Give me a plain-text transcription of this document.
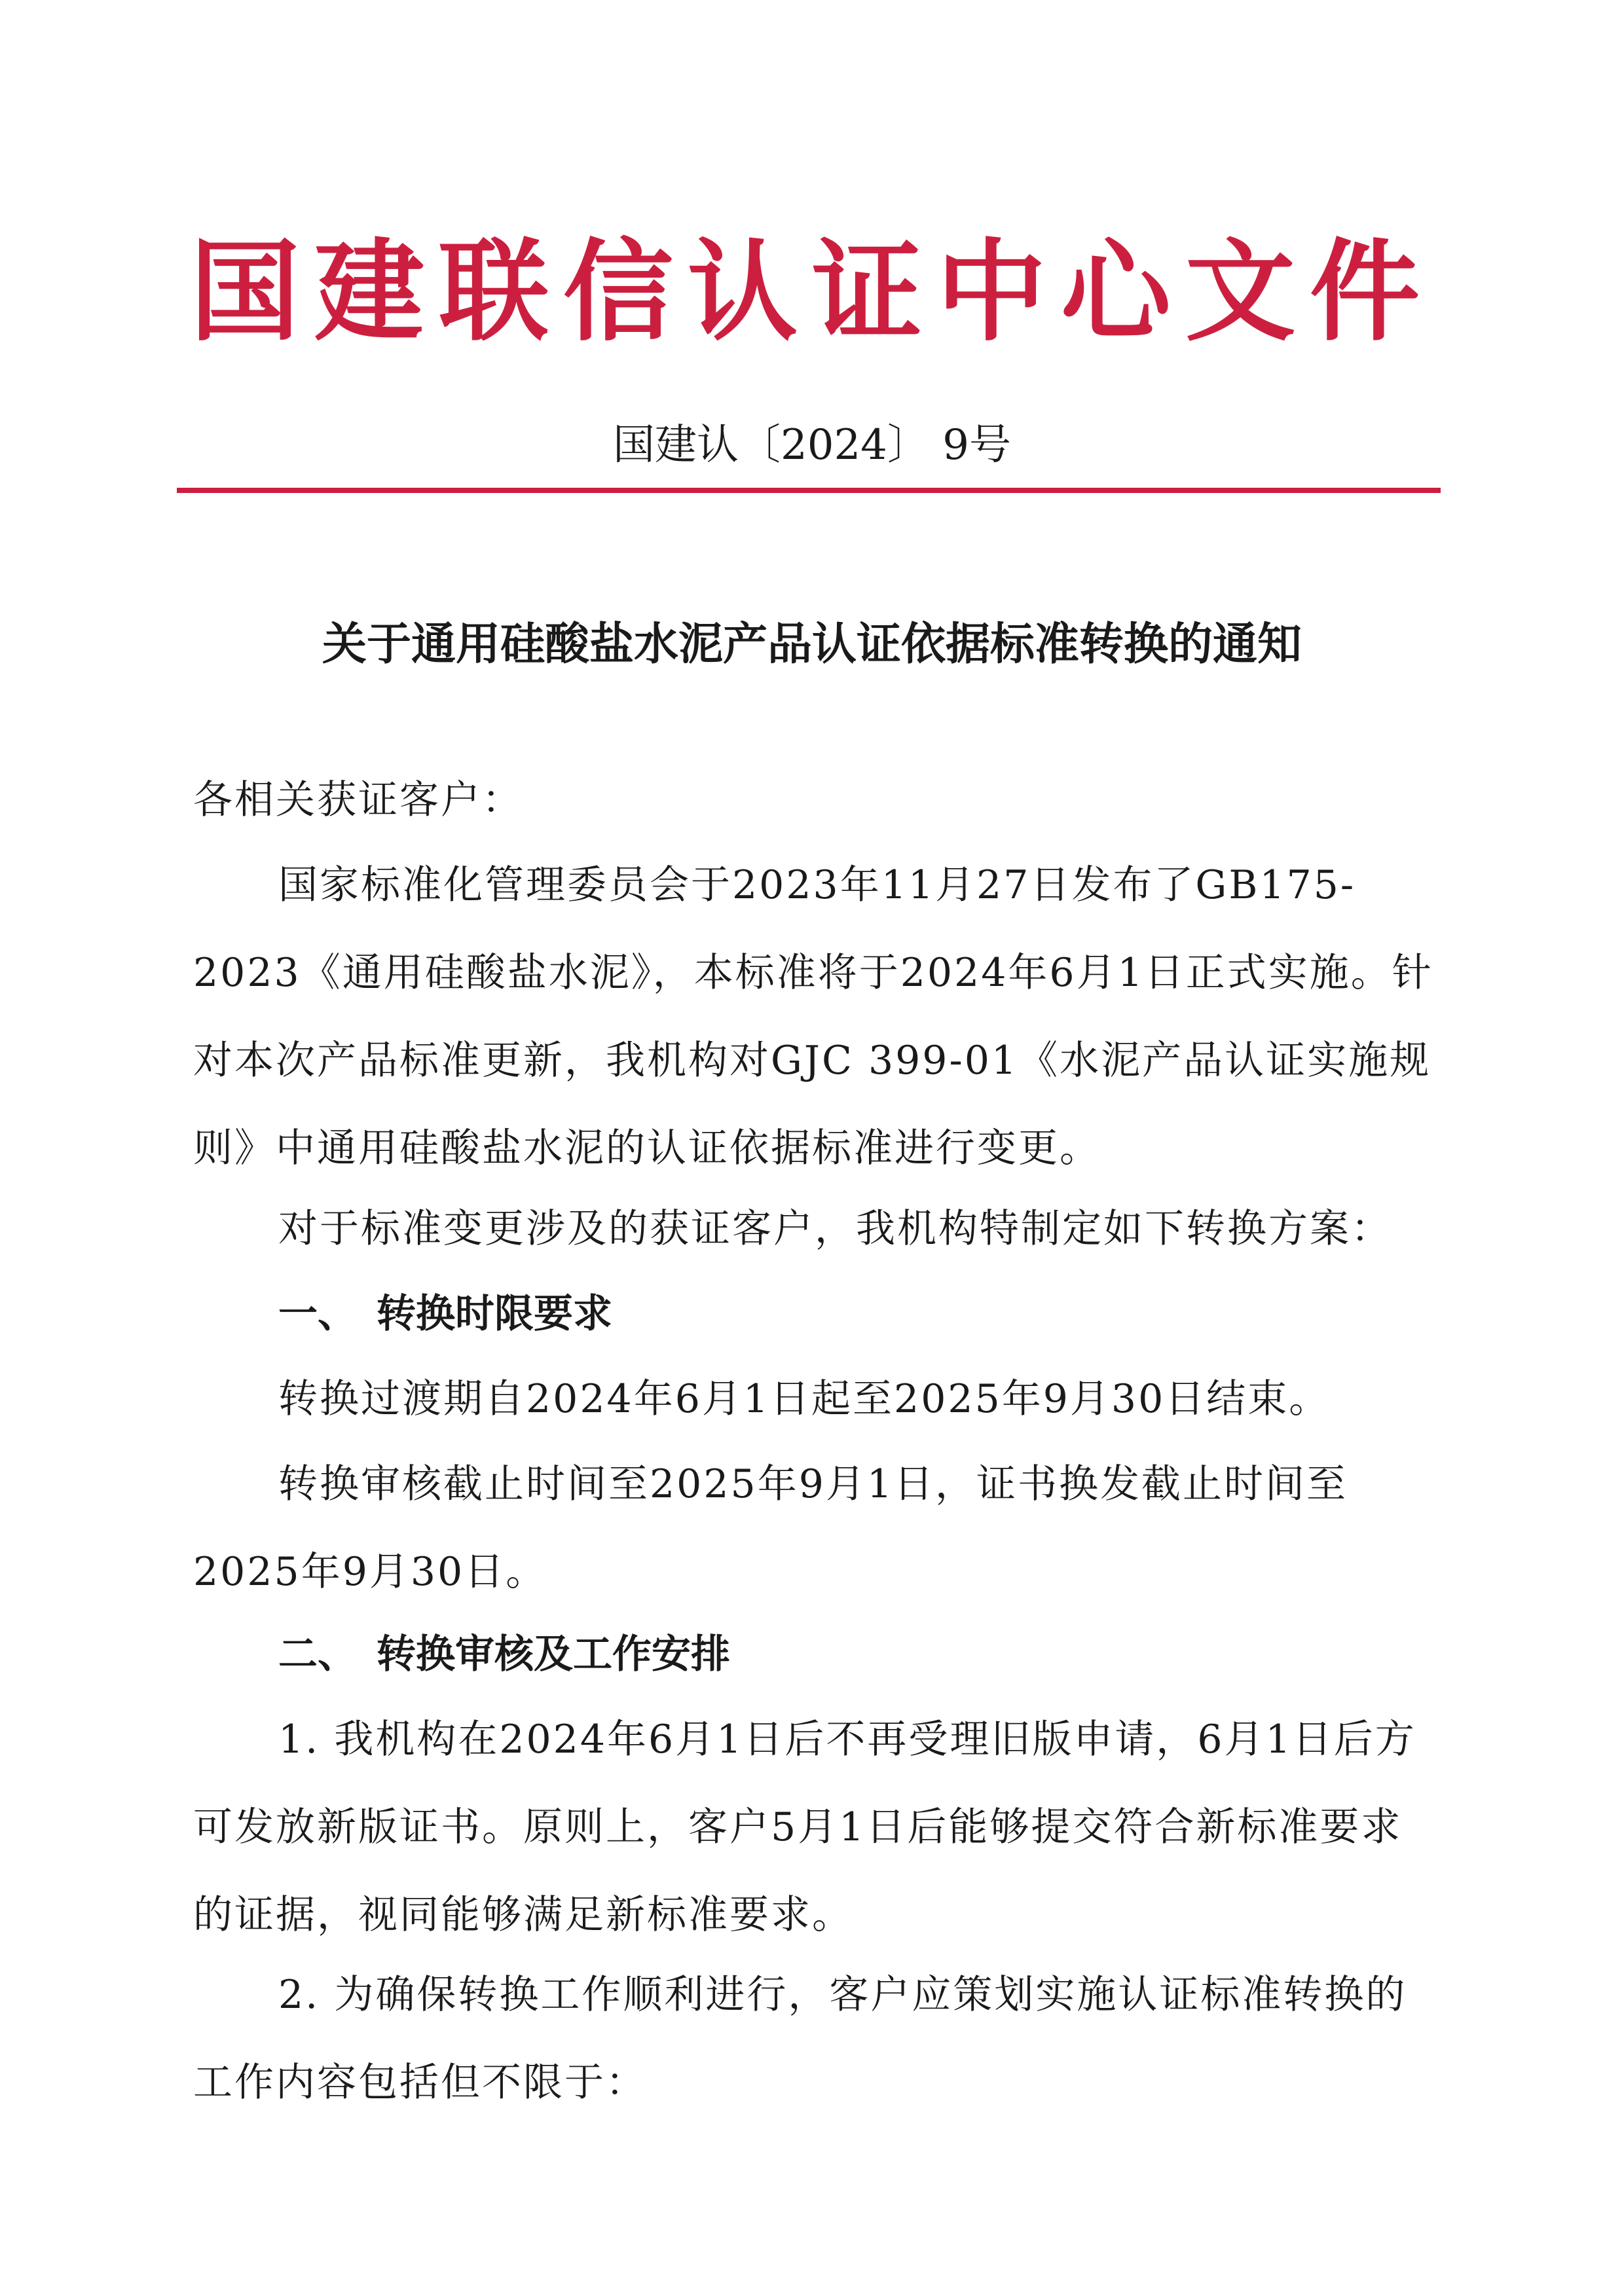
国建联信认证中心文件
国建认〔2024〕 9号
关于通用硅酸盐水泥产品认证依据标准转换的通知

各相关获证客户：

国家标准化管理委员会于2023年11月27日发布了GB175-2023《通用硅酸盐水泥》，本标准将于2024年6月1日正式实施。针对本次产品标准更新，我机构对GJC 399-01《水泥产品认证实施规则》中通用硅酸盐水泥的认证依据标准进行变更。

对于标准变更涉及的获证客户，我机构特制定如下转换方案：

一、 转换时限要求

转换过渡期自2024年6月1日起至2025年9月30日结束。

转换审核截止时间至2025年9月1日，证书换发截止时间至2025年9月30日。

二、 转换审核及工作安排

1. 我机构在2024年6月1日后不再受理旧版申请，6月1日后方可发放新版证书。原则上，客户5月1日后能够提交符合新标准要求的证据，视同能够满足新标准要求。

2. 为确保转换工作顺利进行，客户应策划实施认证标准转换的工作内容包括但不限于：
